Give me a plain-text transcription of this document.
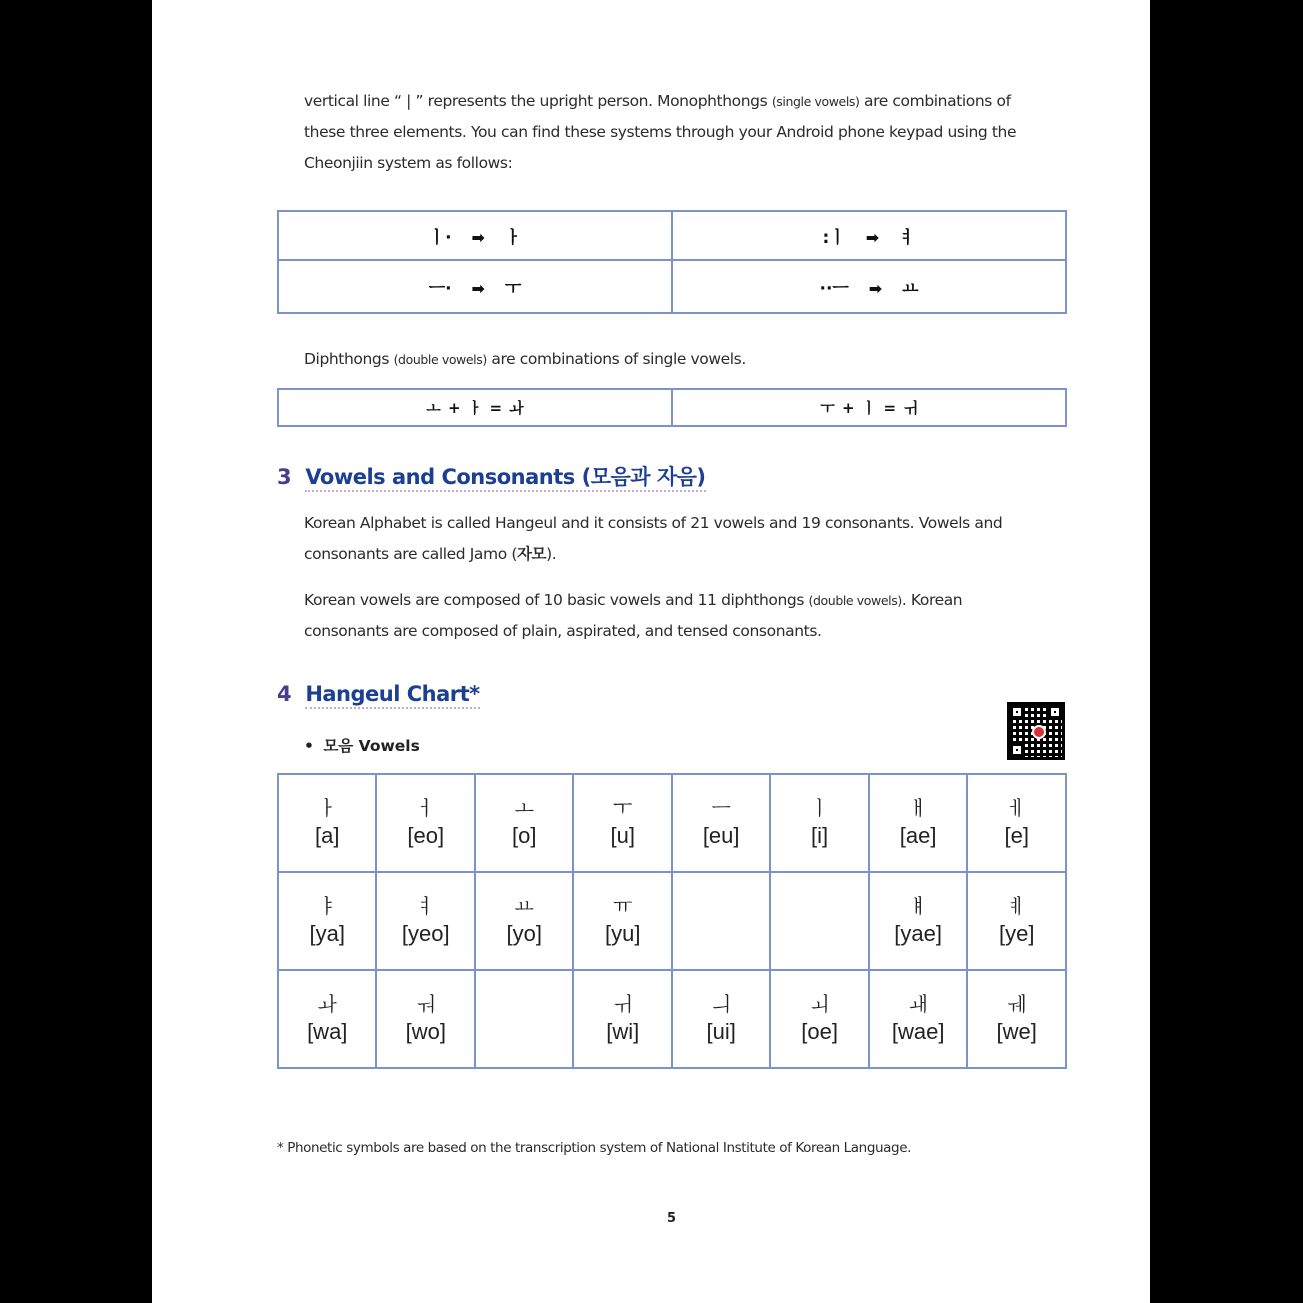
vertical line “ | ” represents the upright person. Monophthongs (single vowels) are combinations of
these three elements. You can find these systems through your Android phone keypad using the
Cheonjiin system as follows:
ㅣ· ➡ ㅏ	:ㅣ ➡ ㅕ
ㅡ· ➡ ㅜ	··ㅡ ➡ ㅛ
Diphthongs (double vowels) are combinations of single vowels.
ㅗ + ㅏ = ㅘ	ㅜ + ㅣ = ㅟ
3 Vowels and Consonants (모음과 자음)
Korean Alphabet is called Hangeul and it consists of 21 vowels and 19 consonants. Vowels and
consonants are called Jamo (자모).
Korean vowels are composed of 10 basic vowels and 11 diphthongs (double vowels). Korean
consonants are composed of plain, aspirated, and tensed consonants.
4 Hangeul Chart*
• 모음 Vowels
ㅏ
[a]	ㅓ
[eo]	ㅗ
[o]	ㅜ
[u]	ㅡ
[eu]	ㅣ
[i]	ㅐ
[ae]	ㅔ
[e]

ㅑ
[ya]	ㅕ
[yeo]	ㅛ
[yo]	ㅠ
[yu]			ㅒ
[yae]	ㅖ
[ye]

ㅘ
[wa]	ㅝ
[wo]		ㅟ
[wi]	ㅢ
[ui]	ㅚ
[oe]	ㅙ
[wae]	ㅞ
[we]
* Phonetic symbols are based on the transcription system of National Institute of Korean Language.
5
